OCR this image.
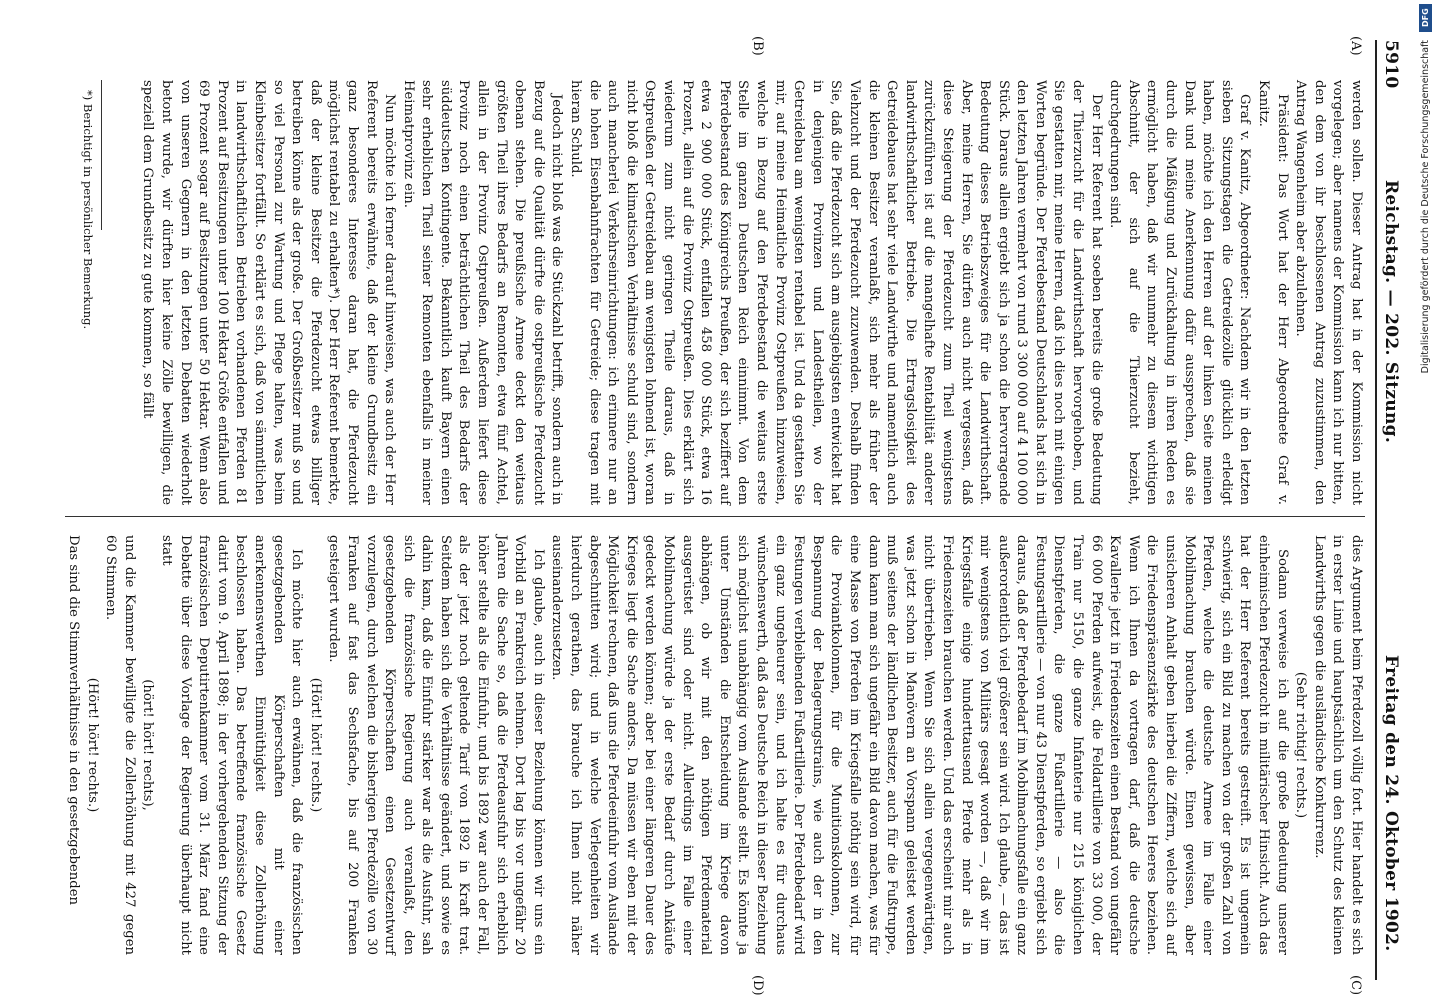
5910
Reichstag. — 202. Sitzung.
Freitag den 24. Oktober 1902.
(A)
(B)
(C)
(D)

werden sollen. Dieser Antrag hat in der Kommission nicht vorgelegen; aber namens der Kommission kann ich nur bitten, den dem von ihr beschlossenen Antrag zuzustimmen, den Antrag Wangenheim aber abzulehnen.

Präsident: Das Wort hat der Herr Abgeordnete Graf v. Kanitz.

Graf v. Kanitz, Abgeordneter: Nachdem wir in den letzten sieben Sitzungstagen die Getreidezölle glücklich erledigt haben, möchte ich den Herren auf der linken Seite meinen Dank und meine Anerkennung dafür aussprechen, daß sie durch die Mäßigung und Zurückhaltung in ihren Reden es ermöglicht haben, daß wir nunmehr zu diesem wichtigen Abschnitt, der sich auf die Thierzucht bezieht, durchgedrungen sind.

Der Herr Referent hat soeben bereits die große Bedeutung der Thierzucht für die Landwirthschaft hervorgehoben, und Sie gestatten mir, meine Herren, daß ich dies noch mit einigen Worten begründe. Der Pferdebestand Deutschlands hat sich in den letzten Jahren vermehrt von rund 3 300 000 auf 4 100 000 Stück. Daraus allein ergiebt sich ja schon die hervorragende Bedeutung dieses Betriebszweiges für die Landwirthschaft. Aber, meine Herren, Sie dürfen auch nicht vergessen, daß diese Steigerung der Pferdezucht zum Theil wenigstens zurückzuführen ist auf die mangelhafte Rentabilität anderer landwirthschaftlicher Betriebe. Die Ertragslosigkeit des Getreidebaues hat sehr viele Landwirthe und namentlich auch die kleinen Besitzer veranlaßt, sich mehr als früher der Viehzucht und der Pferdezucht zuzuwenden. Deshalb finden Sie, daß die Pferdezucht sich am ausgiebigsten entwickelt hat in denjenigen Provinzen und Landestheilen, wo der Getreidebau am wenigsten rentabel ist. Und da gestatten Sie mir, auf meine Heimatliche Provinz Ostpreußen hinzuweisen, welche in Bezug auf den Pferdebestand die weitaus erste Stelle im ganzen Deutschen Reich einnimmt. Von dem Pferdebestand des Königreichs Preußen, der sich beziffert auf etwa 2 900 000 Stück, entfallen 458 000 Stück, etwa 16 Prozent, allein auf die Provinz Ostpreußen. Dies erklärt sich wiederum zum nicht geringen Theile daraus, daß in Ostpreußen der Getreidebau am wenigsten lohnend ist, woran nicht bloß die klimatischen Verhältnisse schuld sind, sondern auch mancherlei Verkehrseinrichtungen: ich erinnere nur an die hohen Eisenbahnfrachten für Getreide; diese tragen mit hieran Schuld.

Jedoch nicht bloß was die Stückzahl betrifft, sondern auch in Bezug auf die Qualität dürfte die ostpreußische Pferdezucht obenan stehen. Die preußische Armee deckt den weitaus größten Theil ihres Bedarfs an Remonten, etwa fünf Achtel, allein in der Provinz Ostpreußen. Außerdem liefert diese Provinz noch einen beträchtlichen Theil des Bedarfs der süddeutschen Kontingente. Bekanntlich kauft Bayern einen sehr erheblichen Theil seiner Remonten ebenfalls in meiner Heimatprovinz ein.

Nun möchte ich ferner darauf hinweisen, was auch der Herr Referent bereits erwähnte, daß der kleine Grundbesitz ein ganz besonderes Interesse daran hat, die Pferdezucht möglichst rentabel zu erhalten*). Der Herr Referent bemerkte, daß der kleine Besitzer die Pferdezucht etwas billiger betreiben könne als der große. Der Großbesitzer muß so und so viel Personal zur Wartung und Pflege halten, was beim Kleinbesitzer fortfällt. So erklärt es sich, daß von sämmtlichen in landwirthschaftlichen Betrieben vorhandenen Pferden 81 Prozent auf Besitzungen unter 100 Hektar Größe entfallen und 69 Prozent sogar auf Besitzungen unter 50 Hektar. Wenn also von unseren Gegnern in den letzten Debatten wiederholt betont wurde, wir dürften hier keine Zölle bewilligen, die speziell dem Grundbesitz zu gute kommen, so fällt

dies Argument beim Pferdezoll völlig fort. Hier handelt es sich in erster Linie und hauptsächlich um den Schutz des kleinen Landwirths gegen die ausländische Konkurrenz.

(Sehr richtig! rechts.)

Sodann verweise ich auf die große Bedeutung unserer einheimischen Pferdezucht in militärischer Hinsicht. Auch das hat der Herr Referent bereits gestreift. Es ist ungemein schwierig, sich ein Bild zu machen von der großen Zahl von Pferden, welche die deutsche Armee im Falle einer Mobilmachung brauchen würde. Einen gewissen, aber unsicheren Anhalt geben hierbei die Ziffern, welche sich auf die Friedenspräsenzstärke des deutschen Heeres beziehen. Wenn ich Ihnen da vortragen darf, daß die deutsche Kavallerie jetzt in Friedenszeiten einen Bestand von ungefähr 66 000 Pferden aufweist, die Feldartillerie von 33 000, der Train nur 5150, die ganze Infanterie nur 215 königlichen Dienstpferden, die ganze Fußartillerie — also die Festungsartillerie — von nur 43 Dienstpferden, so ergiebt sich daraus, daß der Pferdebedarf im Mobilmachungsfalle ein ganz außerordentlich viel größerer sein wird. Ich glaube, — das ist mir wenigstens von Militärs gesagt worden —, daß wir im Kriegsfalle einige hunderttausend Pferde mehr als in Friedenszeiten brauchen werden. Und das erscheint mir auch nicht übertrieben. Wenn Sie sich allein vergegenwärtigen, was jetzt schon in Manövern an Vorspann geleistet werden muß seitens der ländlichen Besitzer, auch für die Fußtruppe, dann kann man sich ungefähr ein Bild davon machen, was für eine Masse von Pferden im Kriegsfalle nöthig sein wird, für die Proviantkolonnen, für die Munitionskolonnen, zur Bespannung der Belagerungstrains, wie auch der in den Festungen verbleibenden Fußartillerie. Der Pferdebedarf wird ein ganz ungeheurer sein, und ich halte es für durchaus wünschenswerth, daß das Deutsche Reich in dieser Beziehung sich möglichst unabhängig vom Auslande stellt. Es könnte ja unter Umständen die Entscheidung im Kriege davon abhängen, ob wir mit den nöthigen Pferdematerial ausgerüstet sind oder nicht. Allerdings im Falle einer Mobilmachung würde ja der erste Bedarf durch Ankäufe gedeckt werden können; aber bei einer längeren Dauer des Krieges liegt die Sache anders. Da müssen wir eben mit der Möglichkeit rechnen, daß uns die Pferdeeinfuhr vom Auslande abgeschnitten wird; und in welche Verlegenheiten wir hierdurch gerathen, das brauche ich Ihnen nicht näher auseinanderzusetzen.

Ich glaube, auch in dieser Beziehung können wir uns ein Vorbild an Frankreich nehmen. Dort lag bis vor ungefähr 20 Jahren die Sache so, daß die Pferdeausfuhr sich erheblich höher stellte als die Einfuhr, und bis 1892 war auch der Fall, als der jetzt noch geltende Tarif von 1892 in Kraft trat. Seitdem haben sich die Verhältnisse geändert, und sowie es dahin kam, daß die Einfuhr stärker war als die Ausfuhr, sah sich die französische Regierung auch veranlaßt, den gesetzgebenden Körperschaften einen Gesetzentwurf vorzulegen, durch welchen die bisherigen Pferdezölle von 30 Franken auf fast das Sechsfache, bis auf 200 Franken gesteigert wurden.

(Hört! hört! rechts.)

Ich möchte hier auch erwähnen, daß die französischen gesetzgebenden Körperschaften mit einer anerkennenswerthen Einmüthigkeit diese Zollerhöhung beschlossen haben. Das betreffende französische Gesetz datirt vom 9. April 1898; in der vorhergehenden Sitzung der französischen Deputirtenkammer vom 31. März fand eine Debatte über diese Vorlage der Regierung überhaupt nicht statt

(hört! hört! rechts),

und die Kammer bewilligte die Zollerhöhung mit 427 gegen 60 Stimmen.

(Hört! hört! rechts.)

Das sind die Stimmverhältnisse in den gesetzgebenden

*) Berichtigt in persönlicher Bemerkung.
DFG
Digitalisierung gefördert durch die Deutsche Forschungsgemeinschaft
